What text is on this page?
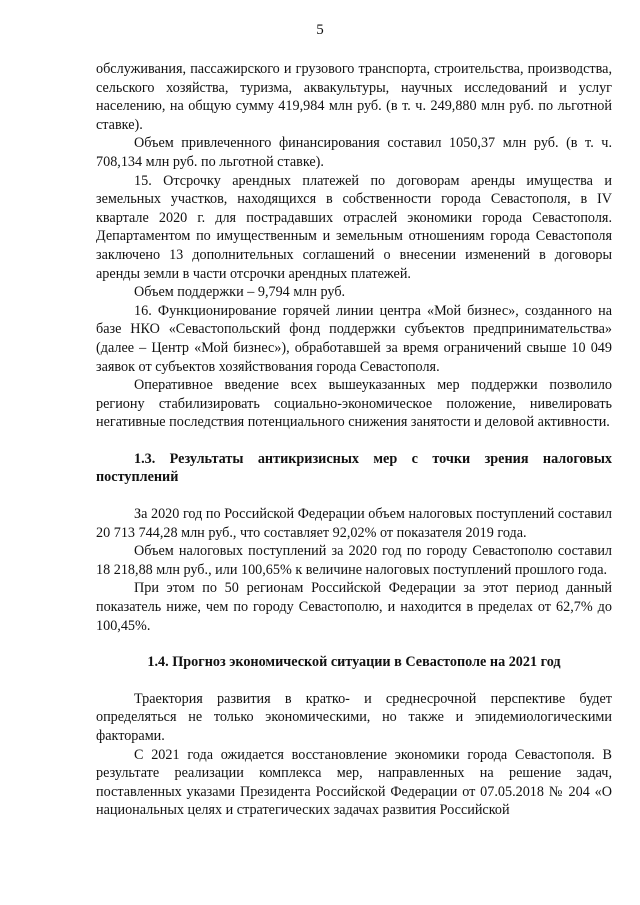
5

обслуживания, пассажирского и грузового транспорта, строительства, производства, сельского хозяйства, туризма, аквакультуры, научных исследований и услуг населению, на общую сумму 419,984 млн руб. (в т. ч. 249,880 млн руб. по льготной ставке).

Объем привлеченного финансирования составил 1050,37 млн руб. (в т. ч. 708,134 млн руб. по льготной ставке).

15. Отсрочку арендных платежей по договорам аренды имущества и земельных участков, находящихся в собственности города Севастополя, в IV квартале 2020 г. для пострадавших отраслей экономики города Севастополя. Департаментом по имущественным и земельным отношениям города Севастополя заключено 13 дополнительных соглашений о внесении изменений в договоры аренды земли в части отсрочки арендных платежей.

Объем поддержки – 9,794 млн руб.

16. Функционирование горячей линии центра «Мой бизнес», созданного на базе НКО «Севастопольский фонд поддержки субъектов предпринимательства» (далее – Центр «Мой бизнес»), обработавшей за время ограничений свыше 10 049 заявок от субъектов хозяйствования города Севастополя.

Оперативное введение всех вышеуказанных мер поддержки позволило региону стабилизировать социально-экономическое положение, нивелировать негативные последствия потенциального снижения занятости и деловой активности.

1.3. Результаты антикризисных мер с точки зрения налоговых поступлений

За 2020 год по Российской Федерации объем налоговых поступлений составил 20 713 744,28 млн руб., что составляет 92,02% от показателя 2019 года.

Объем налоговых поступлений за 2020 год по городу Севастополю составил 18 218,88 млн руб., или 100,65% к величине налоговых поступлений прошлого года.

При этом по 50 регионам Российской Федерации за этот период данный показатель ниже, чем по городу Севастополю, и находится в пределах от 62,7% до 100,45%.

1.4. Прогноз экономической ситуации в Севастополе на 2021 год

Траектория развития в кратко- и среднесрочной перспективе будет определяться не только экономическими, но также и эпидемиологическими факторами.

С 2021 года ожидается восстановление экономики города Севастополя. В результате реализации комплекса мер, направленных на решение задач, поставленных указами Президента Российской Федерации от 07.05.2018 № 204 «О национальных целях и стратегических задачах развития Российской
